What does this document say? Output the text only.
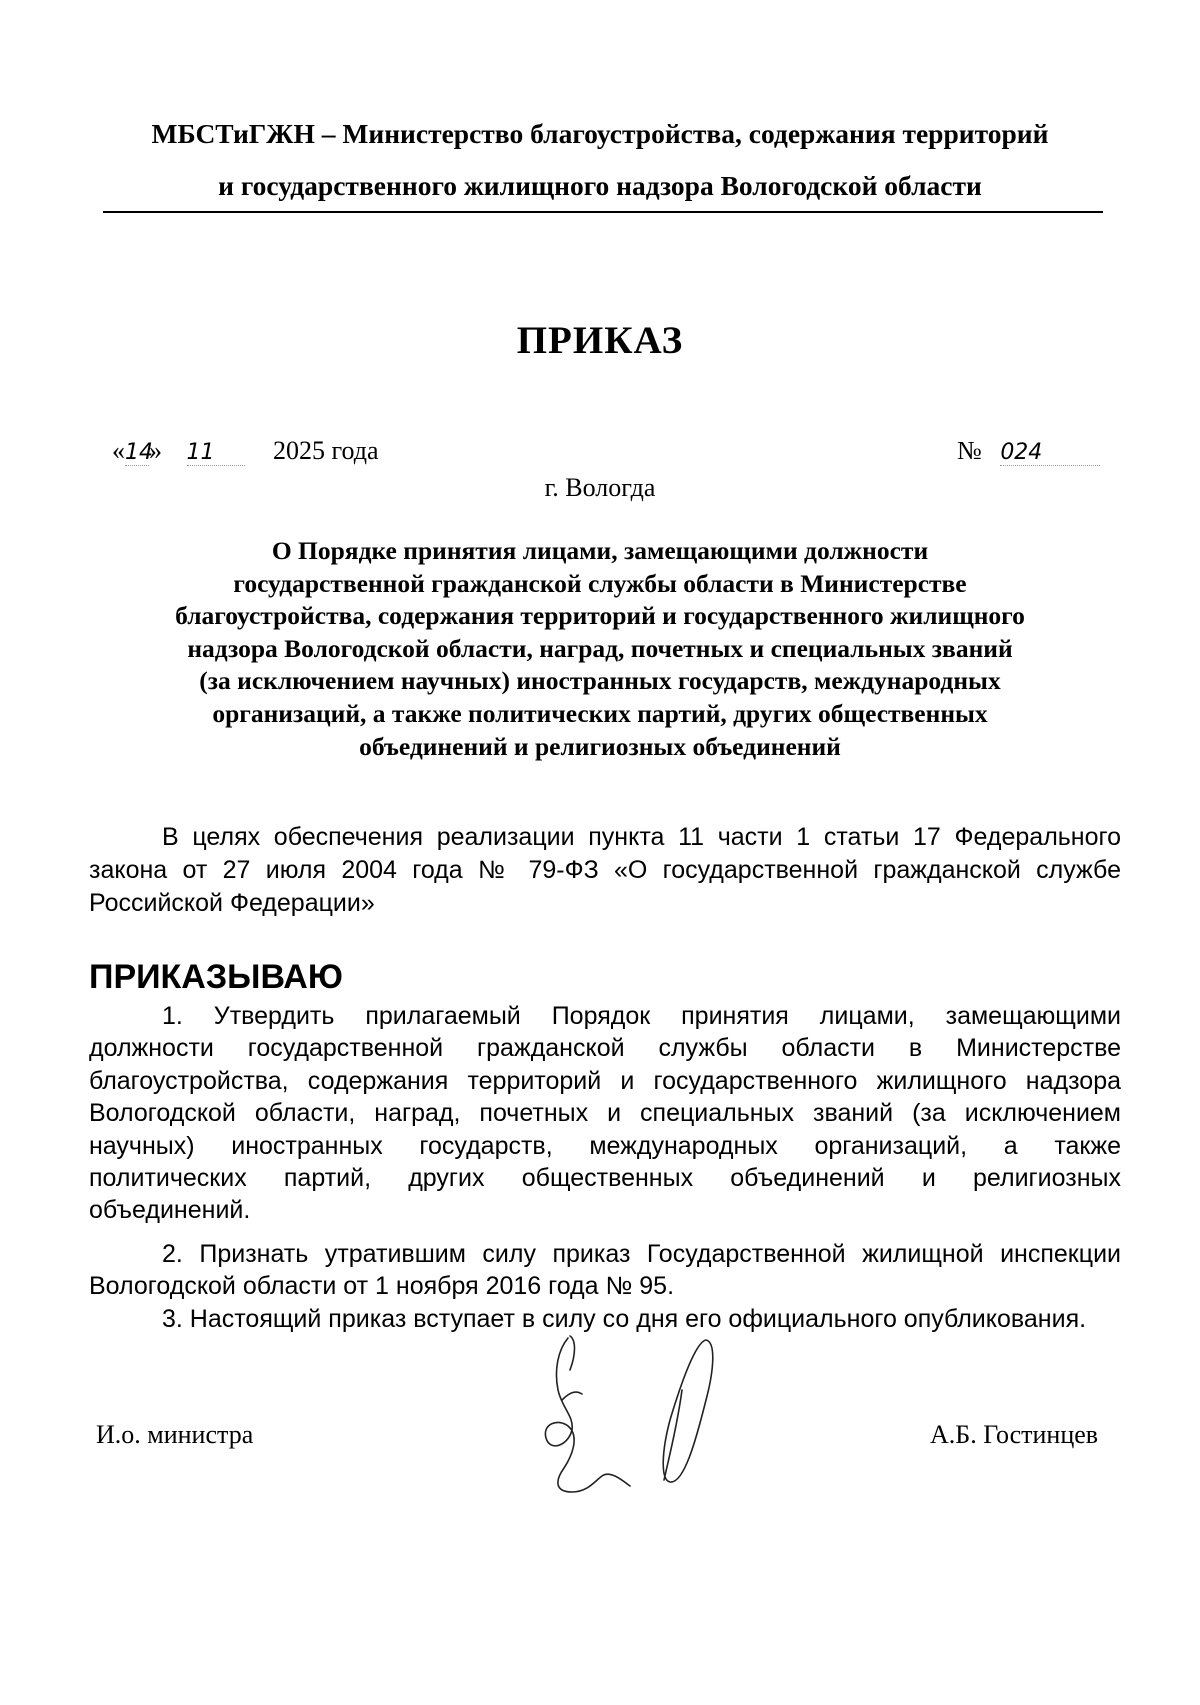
МБСТиГЖН – Министерство благоустройства, содержания территорий
и государственного жилищного надзора Вологодской области
ПРИКАЗ
«14» 11 2025 года	№ 024
г. Вологда
О Порядке принятия лицами, замещающими должности
государственной гражданской службы области в Министерстве
благоустройства, содержания территорий и государственного жилищного
надзора Вологодской области, наград, почетных и специальных званий
(за исключением научных) иностранных государств, международных
организаций, а также политических партий, других общественных
объединений и религиозных объединений
В целях обеспечения реализации пункта 11 части 1 статьи 17 Федерального
закона от 27 июля 2004 года № 79-ФЗ «О государственной гражданской службе
Российской Федерации»
ПРИКАЗЫВАЮ
1. Утвердить прилагаемый Порядок принятия лицами, замещающими
должности государственной гражданской службы области в Министерстве
благоустройства, содержания территорий и государственного жилищного надзора
Вологодской области, наград, почетных и специальных званий (за исключением
научных) иностранных государств, международных организаций, а также
политических партий, других общественных объединений и религиозных
объединений.
2. Признать утратившим силу приказ Государственной жилищной инспекции
Вологодской области от 1 ноября 2016 года № 95.
3. Настоящий приказ вступает в силу со дня его официального опубликования.
И.о. министра	А.Б. Гостинцев
